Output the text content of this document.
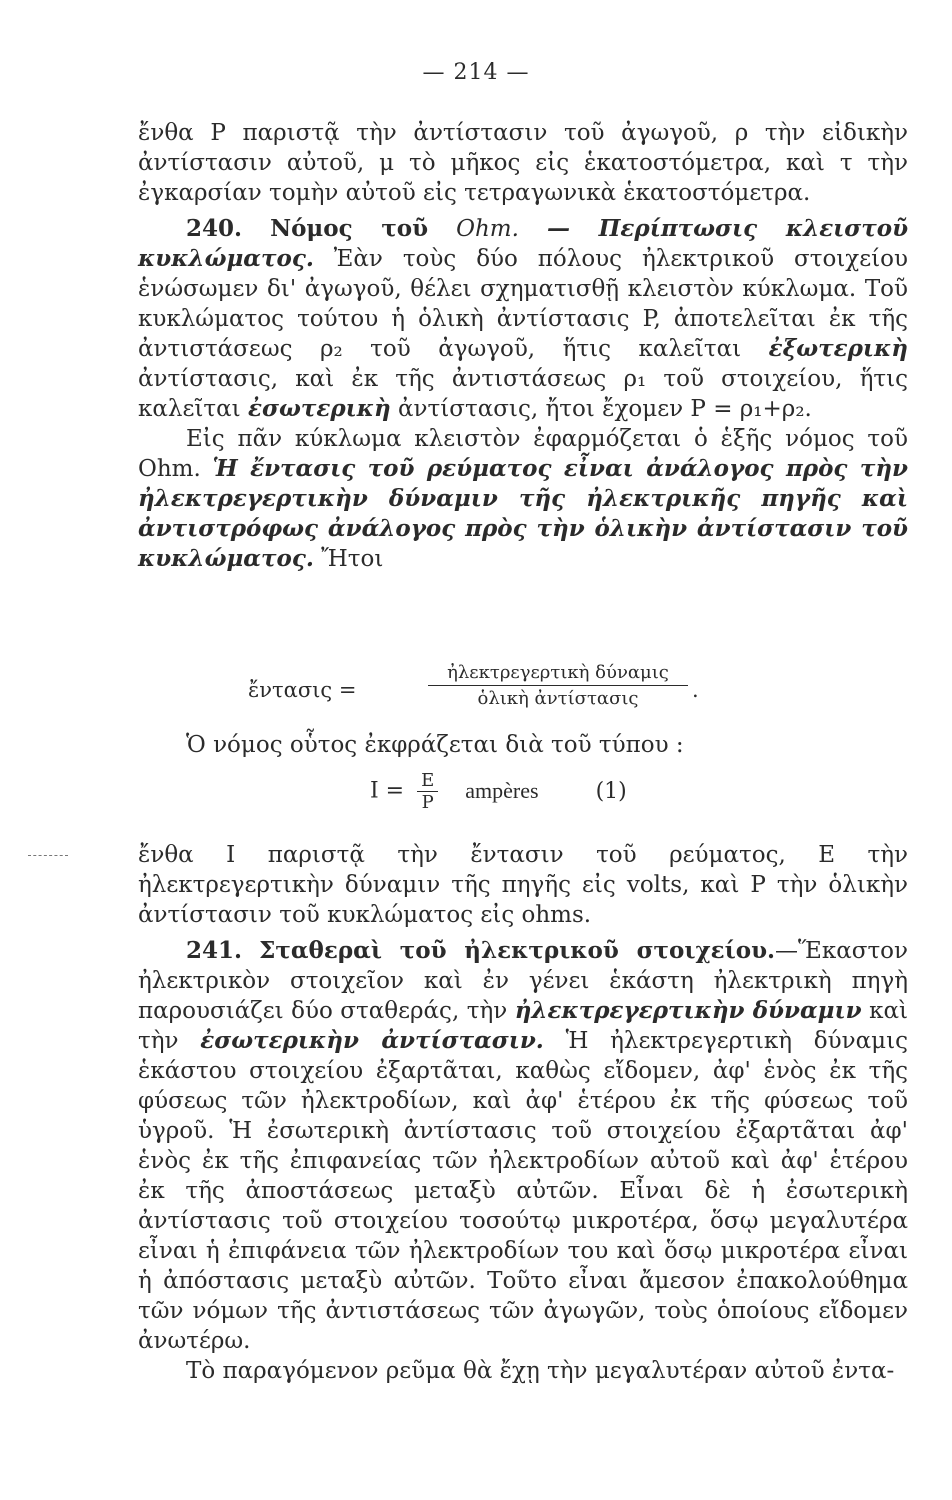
— 214 —

ἔνθα P παριστᾷ τὴν ἀντίστασιν τοῦ ἀγωγοῦ, ρ τὴν εἰδικὴν ἀντίστασιν αὐτοῦ, μ τὸ μῆκος εἰς ἑκατοστόμετρα, καὶ τ τὴν ἐγκαρσίαν τομὴν αὐτοῦ εἰς τετραγωνικὰ ἑκατοστόμετρα.

240. Νόμος τοῦ Ohm. — Περίπτωσις κλειστοῦ κυκλώματος. Ἐὰν τοὺς δύο πόλους ἠλεκτρικοῦ στοιχείου ἑνώσωμεν δι' ἀγωγοῦ, θέλει σχηματισθῇ κλειστὸν κύκλωμα. Τοῦ κυκλώματος τούτου ἡ ὁλικὴ ἀντίστασις P, ἀποτελεῖται ἐκ τῆς ἀντιστάσεως ρ₂ τοῦ ἀγωγοῦ, ἥτις καλεῖται ἐξωτερικὴ ἀντίστασις, καὶ ἐκ τῆς ἀντιστάσεως ρ₁ τοῦ στοιχείου, ἥτις καλεῖται ἐσωτερικὴ ἀντίστασις, ἤτοι ἔχομεν P = ρ₁+ρ₂.

Εἰς πᾶν κύκλωμα κλειστὸν ἐφαρμόζεται ὁ ἑξῆς νόμος τοῦ Ohm. Ἡ ἔντασις τοῦ ρεύματος εἶναι ἀνάλογος πρὸς τὴν ἠλεκτρεγερτικὴν δύναμιν τῆς ἠλεκτρικῆς πηγῆς καὶ ἀντιστρόφως ἀνάλογος πρὸς τὴν ὁλικὴν ἀντίστασιν τοῦ κυκλώματος. Ἤτοι

ἔντασις =
ἠλεκτρεγερτικὴ δύναμις
ὁλικὴ ἀντίστασις	.

Ὁ νόμος οὗτος ἐκφράζεται διὰ τοῦ τύπου :

$I = \frac{E}{P}$ ampères	(1)

ἔνθα I παριστᾷ τὴν ἔντασιν τοῦ ρεύματος, E τὴν ἠλεκτρεγερτικὴν δύναμιν τῆς πηγῆς εἰς volts, καὶ P τὴν ὁλικὴν ἀντίστασιν τοῦ κυκλώματος εἰς ohms.

241. Σταθεραὶ τοῦ ἠλεκτρικοῦ στοιχείου.—Ἕκαστον ἠλεκτρικὸν στοιχεῖον καὶ ἐν γένει ἑκάστη ἠλεκτρικὴ πηγὴ παρουσιάζει δύο σταθεράς, τὴν ἠλεκτρεγερτικὴν δύναμιν καὶ τὴν ἐσωτερικὴν ἀντίστασιν. Ἡ ἠλεκτρεγερτικὴ δύναμις ἑκάστου στοιχείου ἐξαρτᾶται, καθὼς εἴδομεν, ἀφ' ἑνὸς ἐκ τῆς φύσεως τῶν ἠλεκτροδίων, καὶ ἀφ' ἑτέρου ἐκ τῆς φύσεως τοῦ ὑγροῦ. Ἡ ἐσωτερικὴ ἀντίστασις τοῦ στοιχείου ἐξαρτᾶται ἀφ' ἑνὸς ἐκ τῆς ἐπιφανείας τῶν ἠλεκτροδίων αὐτοῦ καὶ ἀφ' ἑτέρου ἐκ τῆς ἀποστάσεως μεταξὺ αὐτῶν. Εἶναι δὲ ἡ ἐσωτερικὴ ἀντίστασις τοῦ στοιχείου τοσούτῳ μικροτέρα, ὅσῳ μεγαλυτέρα εἶναι ἡ ἐπιφάνεια τῶν ἠλεκτροδίων του καὶ ὅσῳ μικροτέρα εἶναι ἡ ἀπόστασις μεταξὺ αὐτῶν. Τοῦτο εἶναι ἄμεσον ἐπακολούθημα τῶν νόμων τῆς ἀντιστάσεως τῶν ἀγωγῶν, τοὺς ὁποίους εἴδομεν ἀνωτέρω.

Τὸ παραγόμενον ρεῦμα θὰ ἔχῃ τὴν μεγαλυτέραν αὐτοῦ ἐντα-
